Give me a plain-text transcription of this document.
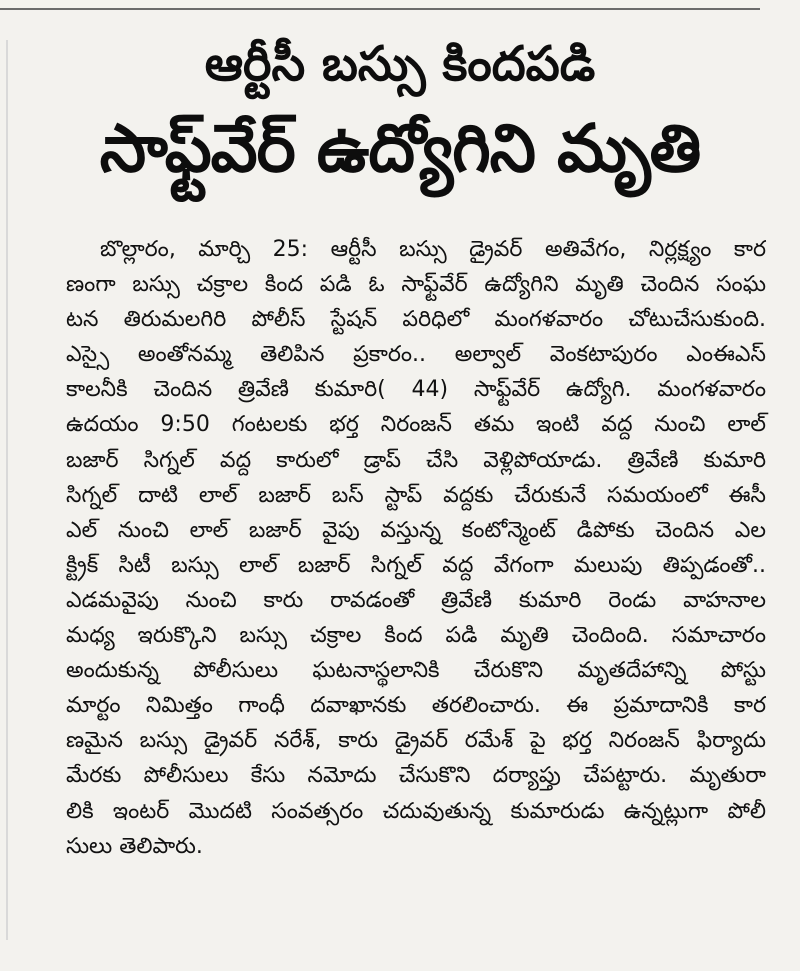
ఆర్టీసీ బస్సు కిందపడి
సాఫ్ట్‌వేర్ ఉద్యోగిని మృతి
బొల్లారం, మార్చి 25: ఆర్టీసీ బస్సు డ్రైవర్ అతివేగం, నిర్లక్ష్యం కార
ణంగా బస్సు చక్రాల కింద పడి ఓ సాఫ్ట్‌వేర్ ఉద్యోగిని మృతి చెందిన సంఘ
టన తిరుమలగిరి పోలీస్ స్టేషన్ పరిధిలో మంగళవారం చోటుచేసుకుంది.
ఎస్సై అంతోనమ్మ తెలిపిన ప్రకారం.. అల్వాల్ వెంకటాపురం ఎంఈఎస్
కాలనీకి చెందిన త్రివేణి కుమారి( 44) సాఫ్ట్‌వేర్ ఉద్యోగి. మంగళవారం
ఉదయం 9:50 గంటలకు భర్త నిరంజన్ తమ ఇంటి వద్ద నుంచి లాల్
బజార్ సిగ్నల్ వద్ద కారులో డ్రాప్ చేసి వెళ్లిపోయాడు. త్రివేణి కుమారి
సిగ్నల్ దాటి లాల్ బజార్ బస్ స్టాప్ వద్దకు చేరుకునే సమయంలో ఈసీ
ఎల్ నుంచి లాల్ బజార్ వైపు వస్తున్న కంటోన్మెంట్ డిపోకు చెందిన ఎల
క్ట్రిక్ సిటీ బస్సు లాల్ బజార్ సిగ్నల్ వద్ద వేగంగా మలుపు తిప్పడంతో..
ఎడమవైపు నుంచి కారు రావడంతో త్రివేణి కుమారి రెండు వాహనాల
మధ్య ఇరుక్కొని బస్సు చక్రాల కింద పడి మృతి చెందింది. సమాచారం
అందుకున్న పోలీసులు ఘటనాస్థలానికి చేరుకొని మృతదేహాన్ని పోస్టు
మార్టం నిమిత్తం గాంధీ దవాఖానకు తరలించారు. ఈ ప్రమాదానికి కార
ణమైన బస్సు డ్రైవర్ నరేశ్, కారు డ్రైవర్ రమేశ్ పై భర్త నిరంజన్ ఫిర్యాదు
మేరకు పోలీసులు కేసు నమోదు చేసుకొని దర్యాప్తు చేపట్టారు. మృతురా
లికి ఇంటర్ మొదటి సంవత్సరం చదువుతున్న కుమారుడు ఉన్నట్లుగా పోలీ
సులు తెలిపారు.
